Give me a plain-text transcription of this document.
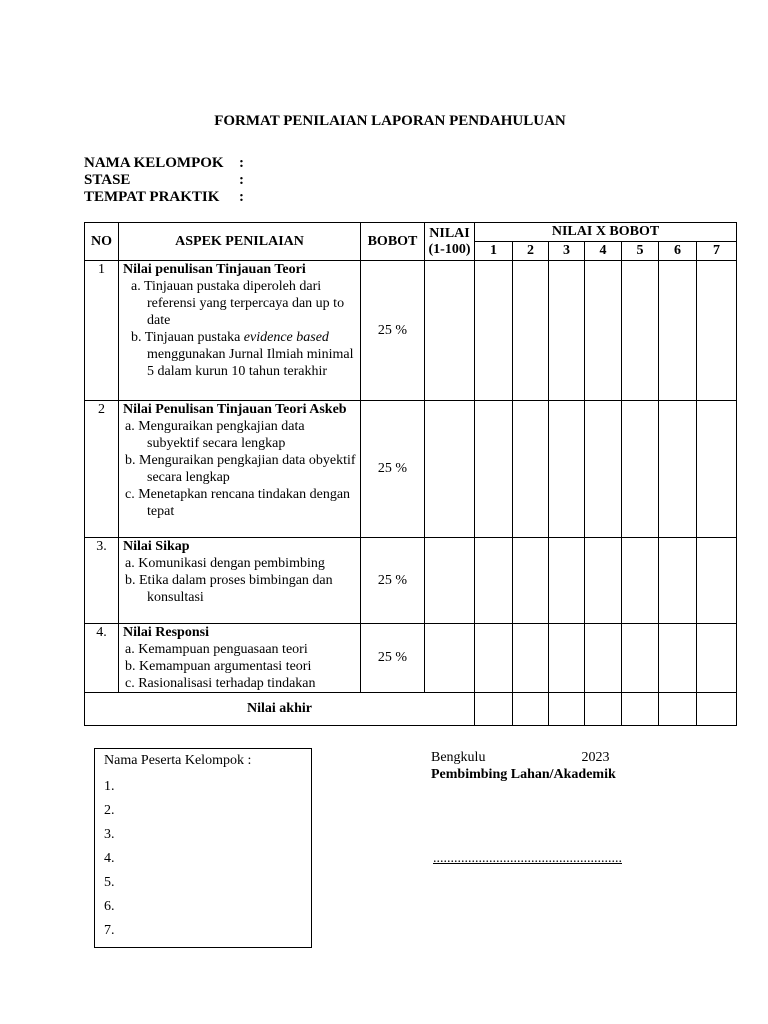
FORMAT PENILAIAN LAPORAN PENDAHULUAN
NAMA KELOMPOK :
STASE	:
TEMPAT PRAKTIK :
NO	ASPEK PENILAIAN	BOBOT	NILAI
(1-100)	NILAI X BOBOT						
				1	2	3	4	5	6	7
1	Nilai penulisan Tinjauan Teori
a. Tinjauan pustaka diperoleh dari referensi yang terpercaya dan up to date
b. Tinjauan pustaka evidence based menggunakan Jurnal Ilmiah minimal 5 dalam kurun 10 tahun terakhir	25 %								
2	Nilai Penulisan Tinjauan Teori Askeb
a. Menguraikan pengkajian data subyektif secara lengkap
b. Menguraikan pengkajian data obyektif secara lengkap
c. Menetapkan rencana tindakan dengan tepat	25 %								
3.	Nilai Sikap
a. Komunikasi dengan pembimbing
b. Etika dalam proses bimbingan dan konsultasi	25 %								
4.	Nilai Responsi
a. Kemampuan penguasaan teori
b. Kemampuan argumentasi teori
c. Rasionalisasi terhadap tindakan	25 %								
Nilai akhir										
Nama Peserta Kelompok :
1.
2.
3.
4.
5.
6.
7.
Bengkulu	2023
Pembimbing Lahan/Akademik
......................................................
